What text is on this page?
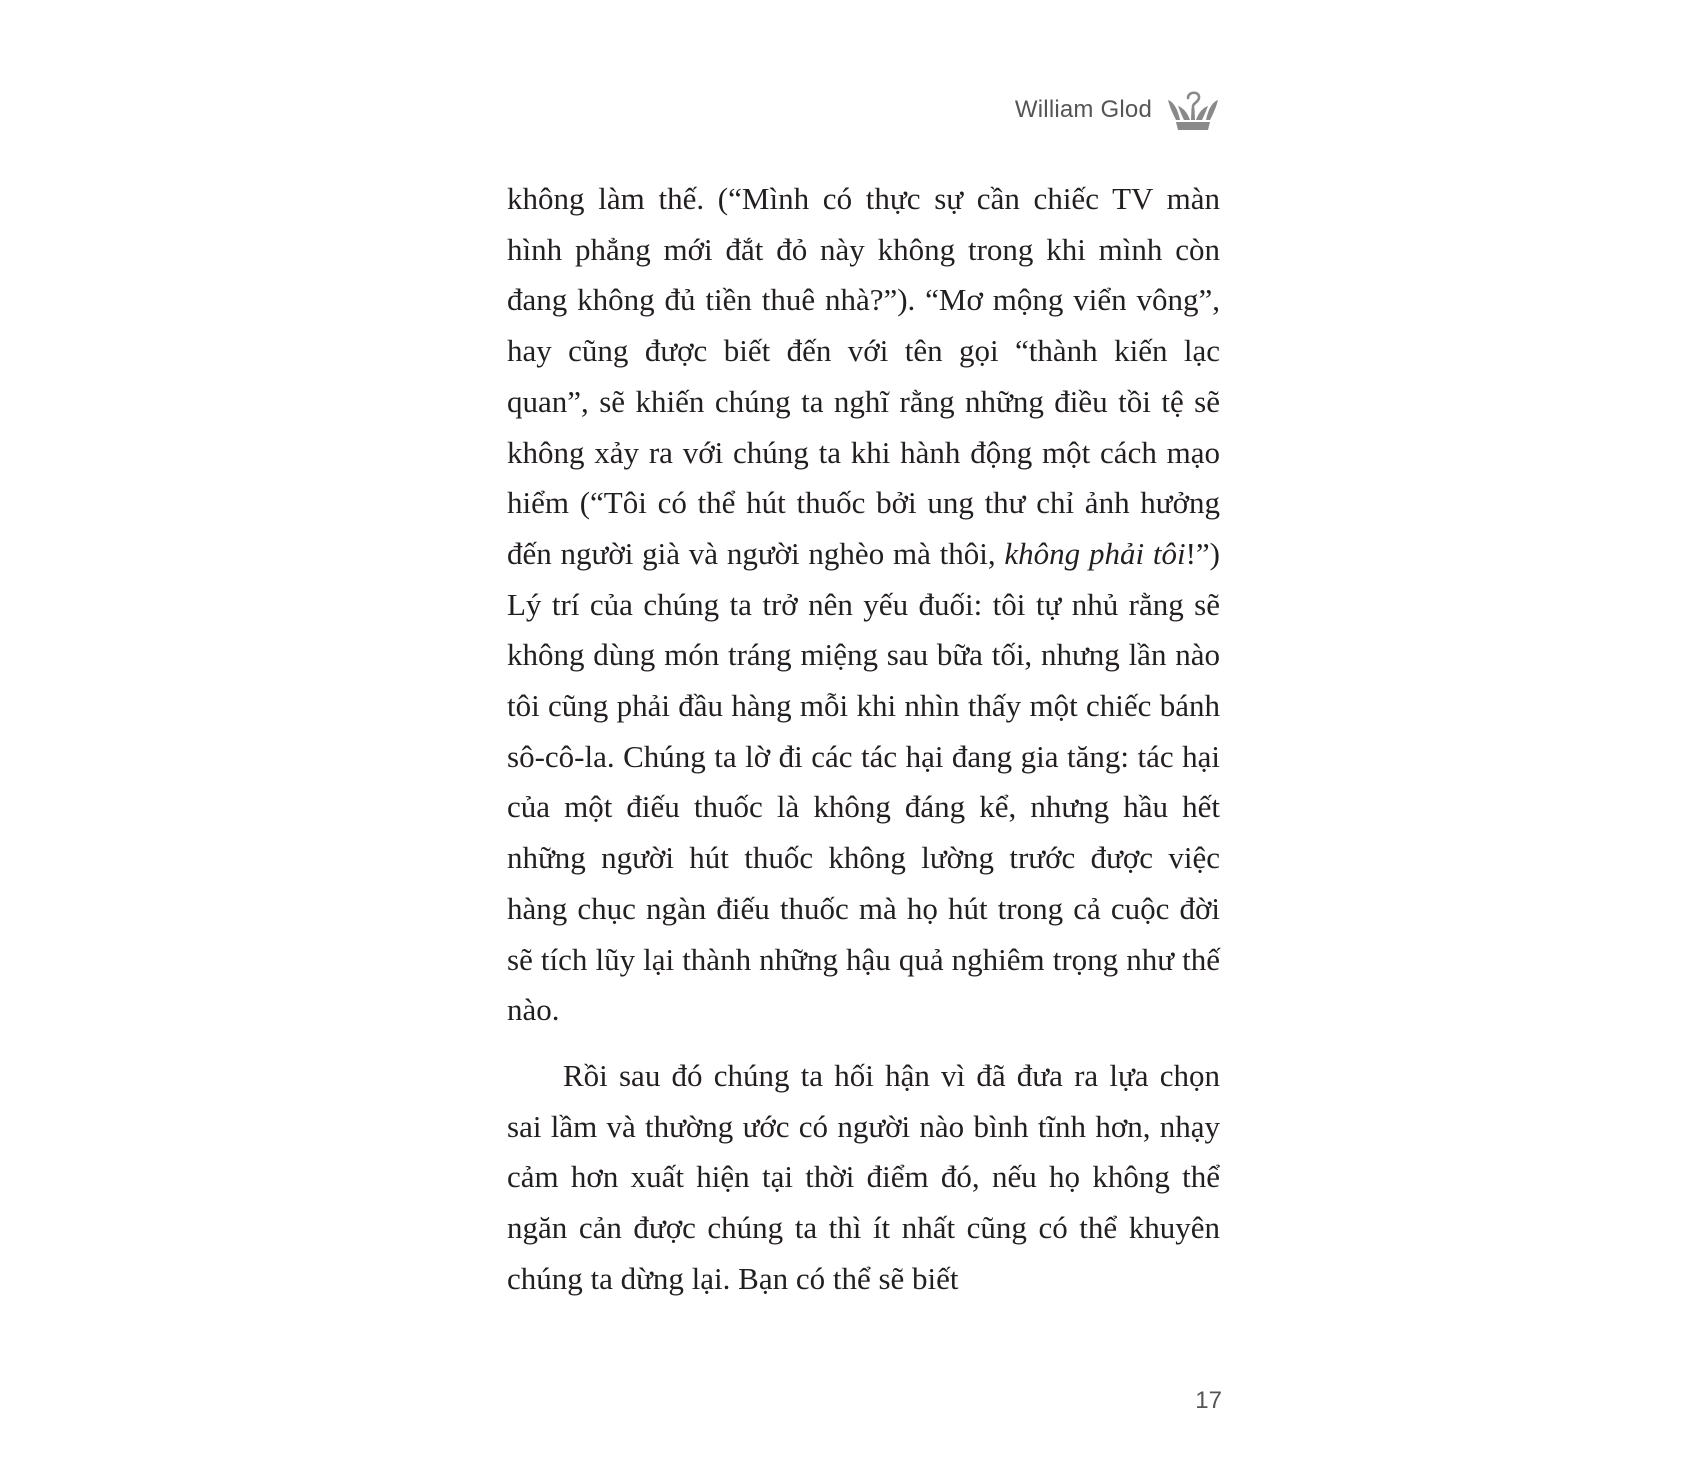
William Glod

không làm thế. (“Mình có thực sự cần chiếc TV màn hình phẳng mới đắt đỏ này không trong khi mình còn đang không đủ tiền thuê nhà?”). “Mơ mộng viển vông”, hay cũng được biết đến với tên gọi “thành kiến lạc quan”, sẽ khiến chúng ta nghĩ rằng những điều tồi tệ sẽ không xảy ra với chúng ta khi hành động một cách mạo hiểm (“Tôi có thể hút thuốc bởi ung thư chỉ ảnh hưởng đến người già và người nghèo mà thôi, không phải tôi!”) Lý trí của chúng ta trở nên yếu đuối: tôi tự nhủ rằng sẽ không dùng món tráng miệng sau bữa tối, nhưng lần nào tôi cũng phải đầu hàng mỗi khi nhìn thấy một chiếc bánh sô-cô-la. Chúng ta lờ đi các tác hại đang gia tăng: tác hại của một điếu thuốc là không đáng kể, nhưng hầu hết những người hút thuốc không lường trước được việc hàng chục ngàn điếu thuốc mà họ hút trong cả cuộc đời sẽ tích lũy lại thành những hậu quả nghiêm trọng như thế nào.

Rồi sau đó chúng ta hối hận vì đã đưa ra lựa chọn sai lầm và thường ước có người nào bình tĩnh hơn, nhạy cảm hơn xuất hiện tại thời điểm đó, nếu họ không thể ngăn cản được chúng ta thì ít nhất cũng có thể khuyên chúng ta dừng lại. Bạn có thể sẽ biết

17
